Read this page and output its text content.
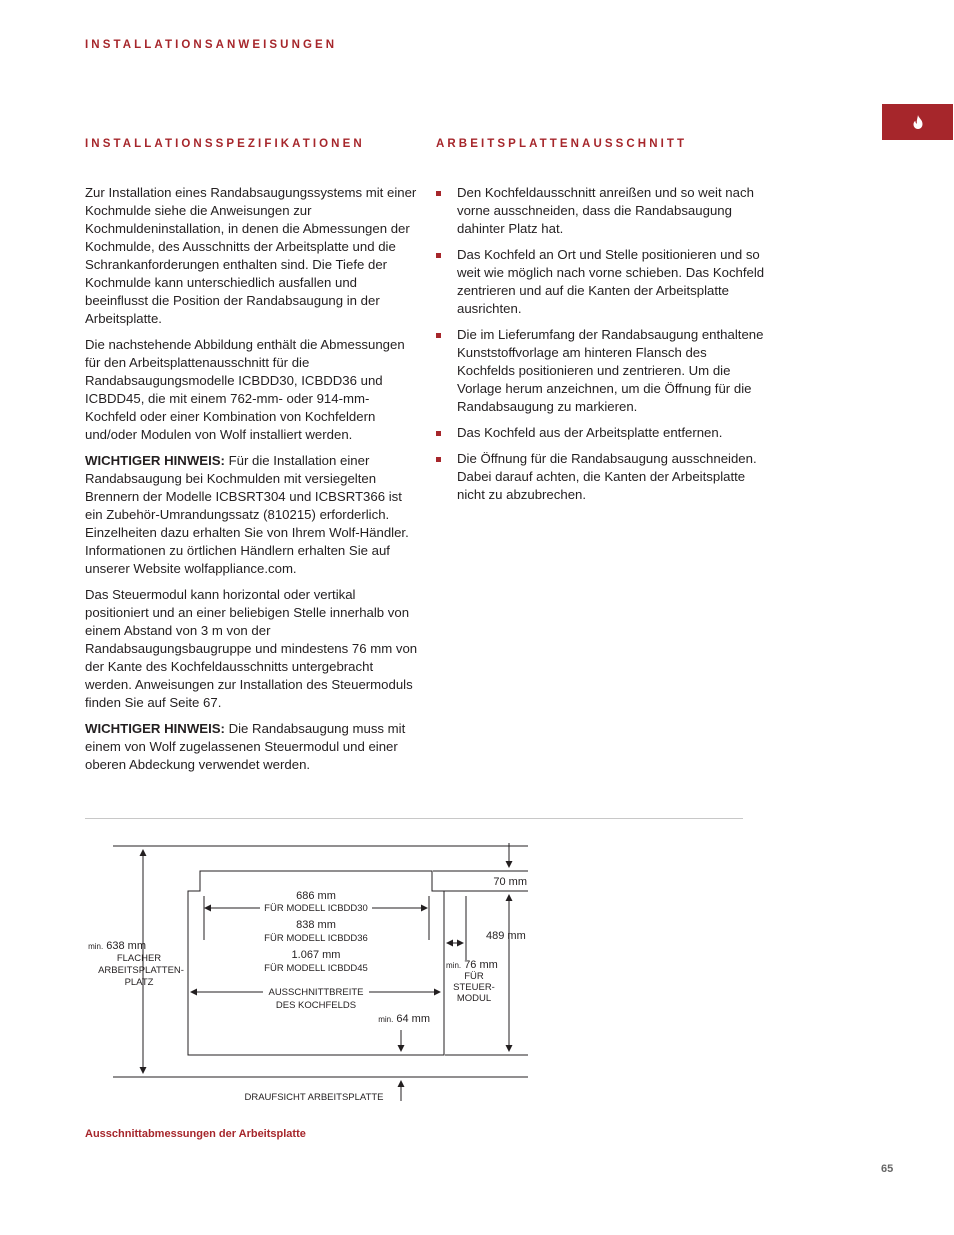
INSTALLATIONSANWEISUNGEN
INSTALLATIONSSPEZIFIKATIONEN	ARBEITSPLATTENAUSSCHNITT

Zur Installation eines Randabsaugungssystems mit einer Kochmulde siehe die Anweisungen zur Kochmuldeninstallation, in denen die Abmessungen der Kochmulde, des Ausschnitts der Arbeitsplatte und die Schrankanforderungen enthalten sind. Die Tiefe der Kochmulde kann unterschiedlich ausfallen und beeinflusst die Position der Randabsaugung in der Arbeitsplatte.

Die nachstehende Abbildung enthält die Abmessungen für den Arbeitsplattenausschnitt für die Randabsaugungsmodelle ICBDD30, ICBDD36 und ICBDD45, die mit einem 762-mm- oder 914-mm-Kochfeld oder einer Kombination von Kochfeldern und/oder Modulen von Wolf installiert werden.

WICHTIGER HINWEIS: Für die Installation einer Randabsaugung bei Kochmulden mit versiegelten Brennern der Modelle ICBSRT304 und ICBSRT366 ist ein Zubehör-Umrandungssatz (810215) erforderlich. Einzelheiten dazu erhalten Sie von Ihrem Wolf-Händler. Informationen zu örtlichen Händlern erhalten Sie auf unserer Website wolfappliance.com.

Das Steuermodul kann horizontal oder vertikal positioniert und an einer beliebigen Stelle innerhalb von einem Abstand von 3 m von der Randabsaugungsbaugruppe und mindestens 76 mm von der Kante des Kochfeldausschnitts untergebracht werden. Anweisungen zur Installation des Steuermoduls finden Sie auf Seite 67.

WICHTIGER HINWEIS: Die Randabsaugung muss mit einem von Wolf zugelassenen Steuermodul und einer oberen Abdeckung verwendet werden.

Den Kochfeldausschnitt anreißen und so weit nach vorne ausschneiden, dass die Randabsaugung dahinter Platz hat.
Das Kochfeld an Ort und Stelle positionieren und so weit wie möglich nach vorne schieben. Das Kochfeld zentrieren und auf die Kanten der Arbeitsplatte ausrichten.
Die im Lieferumfang der Randabsaugung enthaltene Kunststoffvorlage am hinteren Flansch des Kochfelds positionieren und zentrieren. Um die Vorlage herum anzeichnen, um die Öffnung für die Randabsaugung zu markieren.
Das Kochfeld aus der Arbeitsplatte entfernen.
Die Öffnung für die Randabsaugung ausschneiden. Dabei darauf achten, die Kanten der Arbeitsplatte nicht zu abzubrechen.
min. 638 mm
FLACHER
ARBEITSPLATTEN-
PLATZ
686 mm
FÜR MODELL ICBDD30
838 mm
FÜR MODELL ICBDD36
1.067 mm
FÜR MODELL ICBDD45
AUSSCHNITTBREITE
DES KOCHFELDS
min. 64 mm
70 mm
489 mm
min. 76 mm
FÜR
STEUER-
MODUL
DRAUFSICHT ARBEITSPLATTE
Ausschnittabmessungen der Arbeitsplatte
65
